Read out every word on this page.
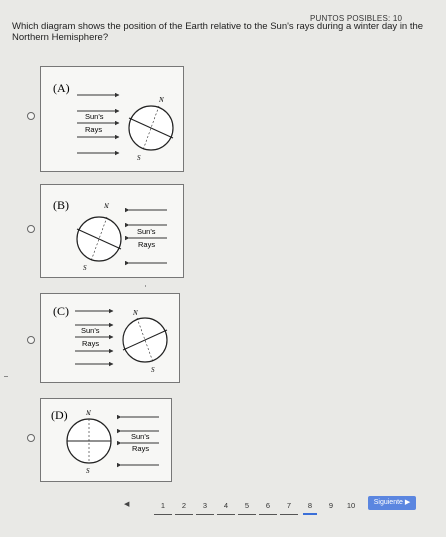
PUNTOS POSIBLES: 10
Which diagram shows the position of the Earth relative to the Sun's rays during a winter day in the Northern Hemisphere?
(A)
Sun's
Rays
N
S
(B)	N
S
Sun's
Rays
(C)
Sun's
Rays
N
S
(D)	N
S
Sun's
Rays
◀	1	2	3	4	5	6	7	8	9	10	Siguiente ▶
